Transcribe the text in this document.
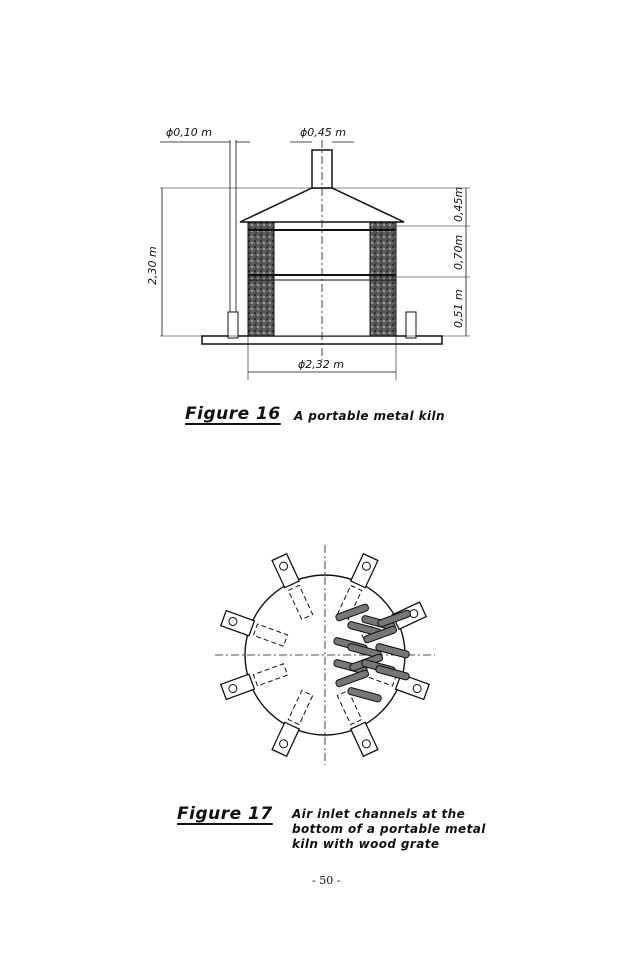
ϕ0,10 m	ϕ0,45 m
ϕ2,32 m
2,30 m
0,45m
0,70m
0,51 m
Figure 16 A portable metal kiln
Figure 17 Air inlet channels at the
bottom of a portable metal
kiln with wood grate
- 50 -
